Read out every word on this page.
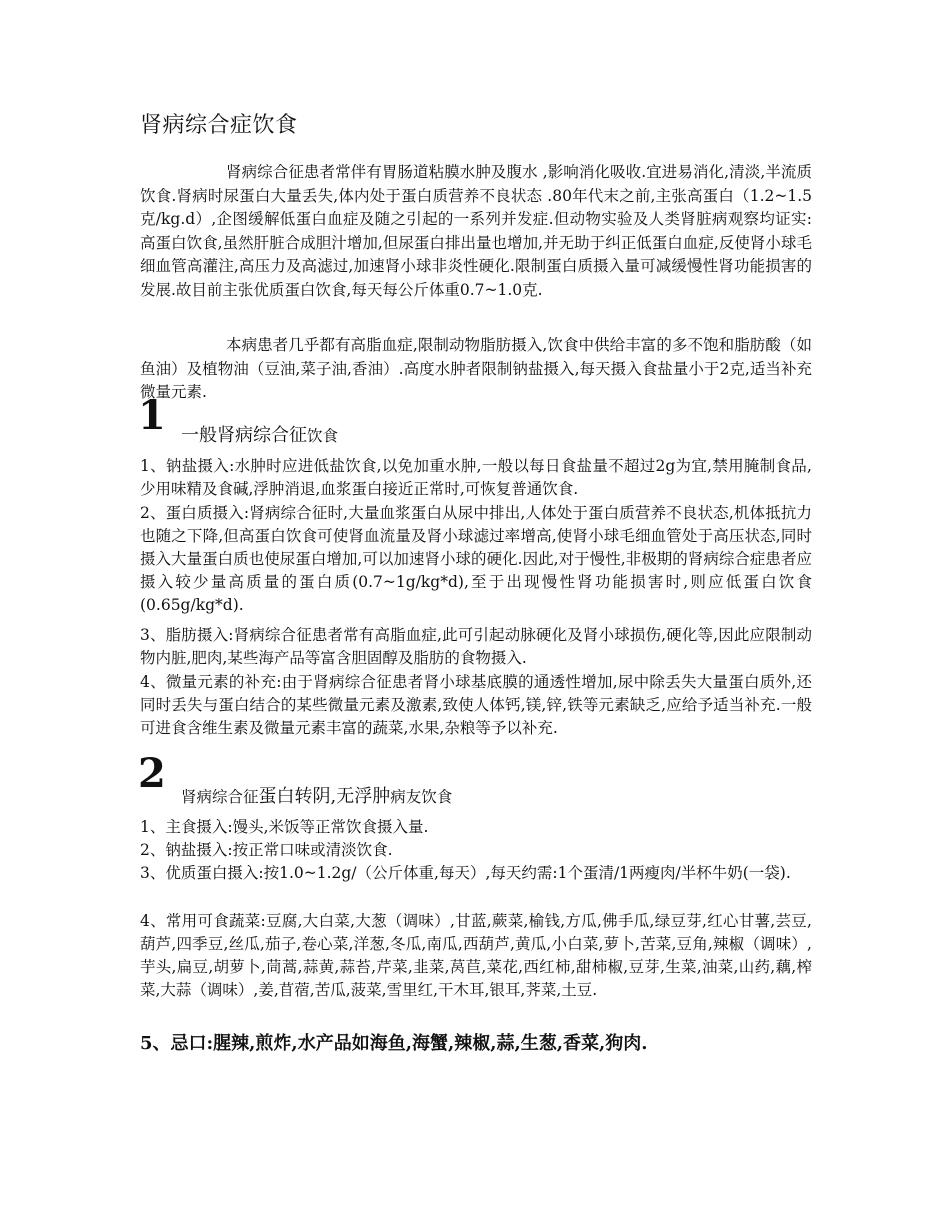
肾病综合症饮食

肾病综合征患者常伴有胃肠道粘膜水肿及腹水 ,影响消化吸收.宜进易消化,清淡,半流质饮食.肾病时尿蛋白大量丢失,体内处于蛋白质营养不良状态 .80年代末之前,主张高蛋白（1.2~1.5克/kg.d）,企图缓解低蛋白血症及随之引起的一系列并发症.但动物实验及人类肾脏病观察均证实:高蛋白饮食,虽然肝脏合成胆汁增加,但尿蛋白排出量也增加,并无助于纠正低蛋白血症,反使肾小球毛细血管高灌注,高压力及高滤过,加速肾小球非炎性硬化.限制蛋白质摄入量可减缓慢性肾功能损害的发展.故目前主张优质蛋白饮食,每天每公斤体重0.7~1.0克.

本病患者几乎都有高脂血症,限制动物脂肪摄入,饮食中供给丰富的多不饱和脂肪酸（如鱼油）及植物油（豆油,菜子油,香油）.高度水肿者限制钠盐摄入,每天摄入食盐量小于2克,适当补充微量元素.

1 一般肾病综合征饮食

1、钠盐摄入:水肿时应进低盐饮食,以免加重水肿,一般以每日食盐量不超过2g为宜,禁用腌制食品,少用味精及食碱,浮肿消退,血浆蛋白接近正常时,可恢复普通饮食.

2、蛋白质摄入:肾病综合征时,大量血浆蛋白从尿中排出,人体处于蛋白质营养不良状态,机体抵抗力也随之下降,但高蛋白饮食可使肾血流量及肾小球滤过率增高,使肾小球毛细血管处于高压状态,同时摄入大量蛋白质也使尿蛋白增加,可以加速肾小球的硬化.因此,对于慢性,非极期的肾病综合症患者应摄入较少量高质量的蛋白质(0.7~1g/kg*d),至于出现慢性肾功能损害时,则应低蛋白饮食(0.65g/kg*d).

3、脂肪摄入:肾病综合征患者常有高脂血症,此可引起动脉硬化及肾小球损伤,硬化等,因此应限制动物内脏,肥肉,某些海产品等富含胆固醇及脂肪的食物摄入.

4、微量元素的补充:由于肾病综合征患者肾小球基底膜的通透性增加,尿中除丢失大量蛋白质外,还同时丢失与蛋白结合的某些微量元素及激素,致使人体钙,镁,锌,铁等元素缺乏,应给予适当补充.一般可进食含维生素及微量元素丰富的蔬菜,水果,杂粮等予以补充.

2 肾病综合征蛋白转阴,无浮肿病友饮食

1、主食摄入:馒头,米饭等正常饮食摄入量.

2、钠盐摄入:按正常口味或清淡饮食.

3、优质蛋白摄入:按1.0~1.2g/（公斤体重,每天）,每天约需:1个蛋清/1两瘦肉/半杯牛奶(一袋).

4、常用可食蔬菜:豆腐,大白菜,大葱（调味）,甘蓝,蕨菜,榆钱,方瓜,佛手瓜,绿豆芽,红心甘薯,芸豆,葫芦,四季豆,丝瓜,茄子,卷心菜,洋葱,冬瓜,南瓜,西葫芦,黄瓜,小白菜,萝卜,苦菜,豆角,辣椒（调味）,芋头,扁豆,胡萝卜,茼蒿,蒜黄,蒜苔,芹菜,韭菜,莴苣,菜花,西红柿,甜柿椒,豆芽,生菜,油菜,山药,藕,榨菜,大蒜（调味）,姜,苜蓿,苦瓜,菠菜,雪里红,干木耳,银耳,荠菜,土豆.

5、忌口:腥辣,煎炸,水产品如海鱼,海蟹,辣椒,蒜,生葱,香菜,狗肉.
